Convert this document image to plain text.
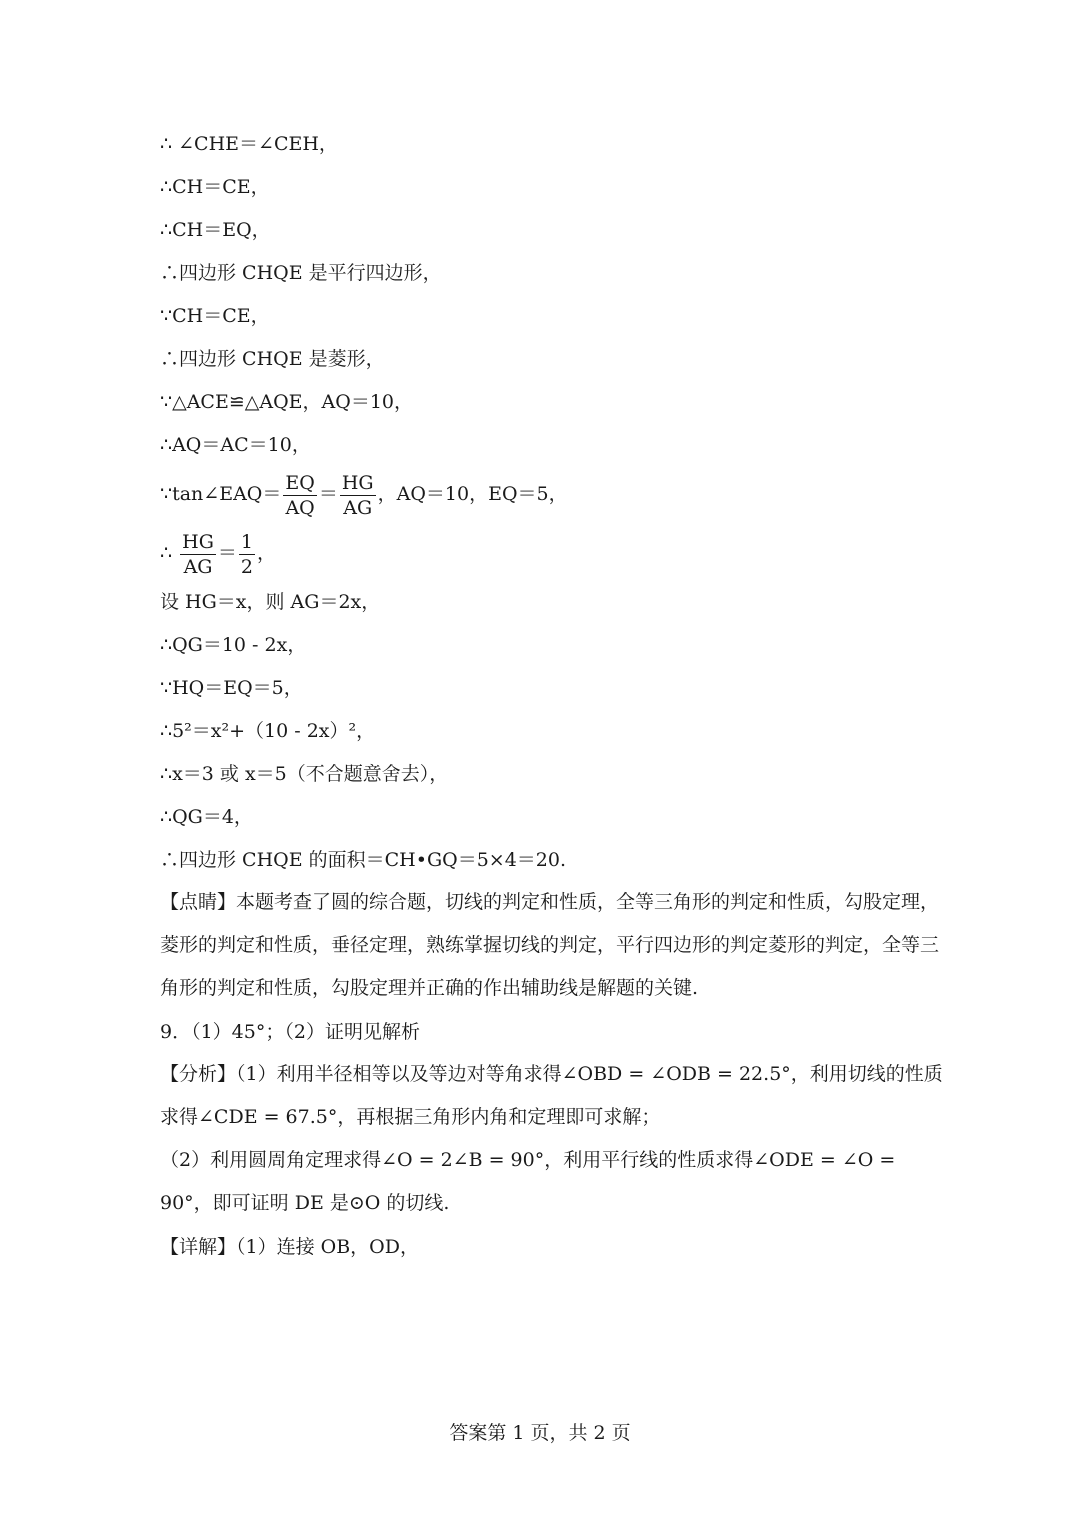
∴ ∠CHE＝∠CEH，
∴CH＝CE，
∴CH＝EQ，
∴四边形 CHQE 是平行四边形，
∵CH＝CE，
∴四边形 CHQE 是菱形，
∵△ACE≌△AQE，AQ＝10，
∴AQ＝AC＝10，
∵tan∠EAQ＝ $\frac{EQ}{AQ} = \frac{HG}{AG}$ ，AQ＝10，EQ＝5，
∴ $\frac{HG}{AG} = \frac{1}{2}$ ，
设 HG＝x，则 AG＝2x，
∴QG＝10 - 2x，
∵HQ＝EQ＝5，
∴5²＝x²+（10 - 2x）²，
∴x＝3 或 x＝5（不合题意舍去），
∴QG＝4，
∴四边形 CHQE 的面积＝CH•GQ＝5×4＝20.
【点睛】本题考查了圆的综合题，切线的判定和性质，全等三角形的判定和性质，勾股定理，菱形的判定和性质，垂径定理，熟练掌握切线的判定，平行四边形的判定菱形的判定，全等三角形的判定和性质，勾股定理并正确的作出辅助线是解题的关键.
9．（1）45°；（2）证明见解析
【分析】（1）利用半径相等以及等边对等角求得∠OBD = ∠ODB = 22.5°，利用切线的性质求得∠CDE = 67.5°，再根据三角形内角和定理即可求解；
（2）利用圆周角定理求得∠O = 2∠B = 90°，利用平行线的性质求得∠ODE = ∠O = 90°，即可证明 DE 是⊙O 的切线.
【详解】（1）连接 OB，OD，
答案第 1 页，共 2 页
